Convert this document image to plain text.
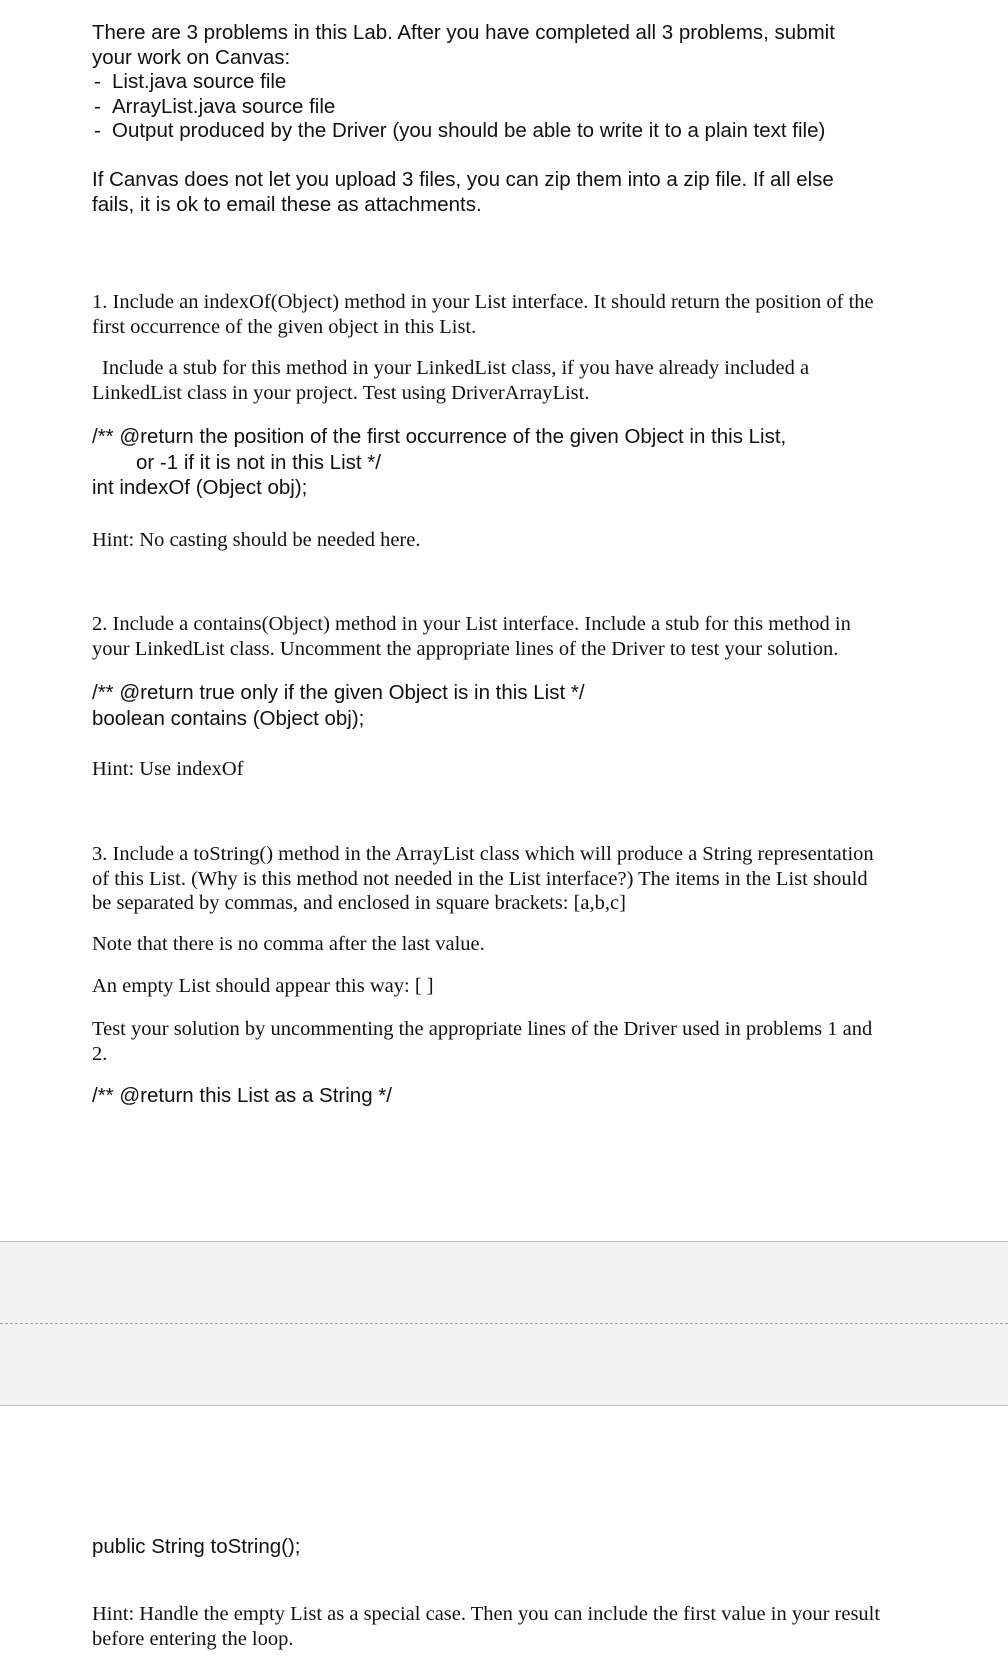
There are 3 problems in this Lab. After you have completed all 3 problems, submit

your work on Canvas:

- List.java source file
- ArrayList.java source file
- Output produced by the Driver (you should be able to write it to a plain text file)

If Canvas does not let you upload 3 files, you can zip them into a zip file. If all else

fails, it is ok to email these as attachments.

1. Include an indexOf(Object) method in your List interface. It should return the position of the

first occurrence of the given object in this List.

Include a stub for this method in your LinkedList class, if you have already included a

LinkedList class in your project. Test using DriverArrayList.

/** @return the position of the first occurrence of the given Object in this List,

or -1 if it is not in this List */

int indexOf (Object obj);

Hint: No casting should be needed here.

2. Include a contains(Object) method in your List interface. Include a stub for this method in

your LinkedList class. Uncomment the appropriate lines of the Driver to test your solution.

/** @return true only if the given Object is in this List */

boolean contains (Object obj);

Hint: Use indexOf

3. Include a toString() method in the ArrayList class which will produce a String representation

of this List. (Why is this method not needed in the List interface?) The items in the List should

be separated by commas, and enclosed in square brackets: [a,b,c]

Note that there is no comma after the last value.

An empty List should appear this way: [ ]

Test your solution by uncommenting the appropriate lines of the Driver used in problems 1 and

2.

/** @return this List as a String */

public String toString();

Hint: Handle the empty List as a special case. Then you can include the first value in your result

before entering the loop.
